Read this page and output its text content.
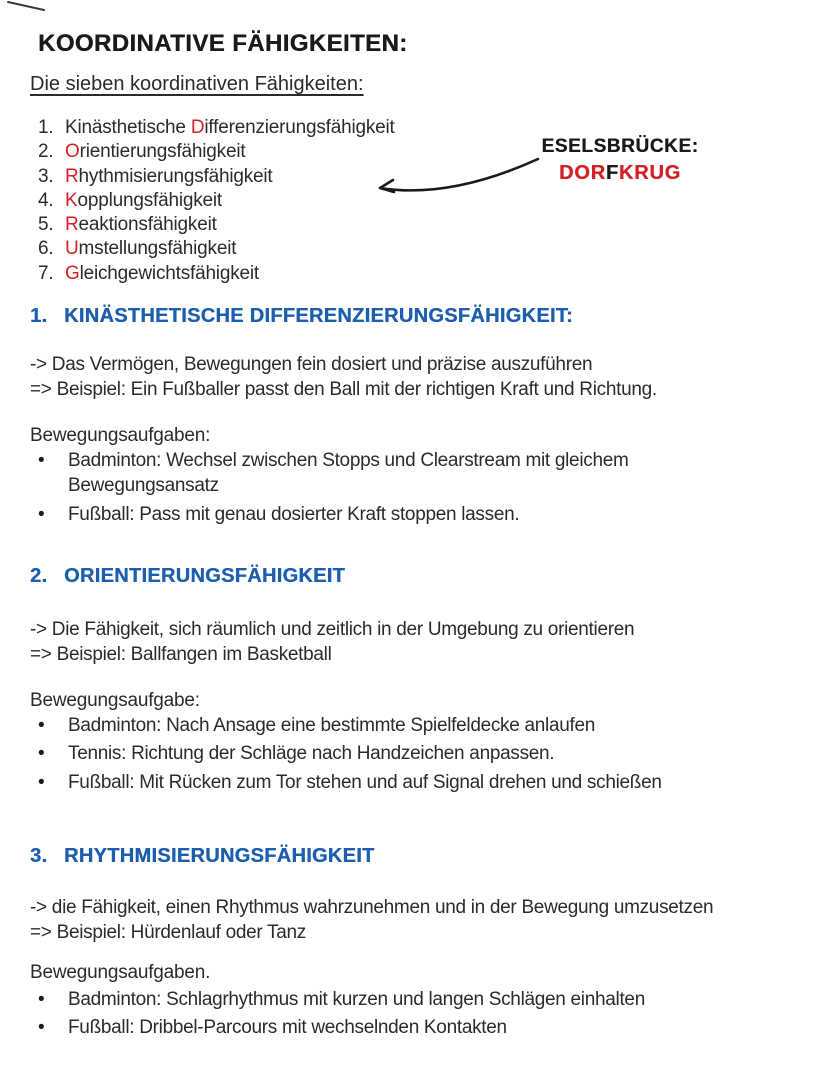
KOORDINATIVE FÄHIGKEITEN:
Die sieben koordinativen Fähigkeiten:
1. Kinästhetische Differenzierungsfähigkeit
2. Orientierungsfähigkeit
3. Rhythmisierungsfähigkeit
4. Kopplungsfähigkeit
5. Reaktionsfähigkeit
6. Umstellungsfähigkeit
7. Gleichgewichtsfähigkeit
ESELSBRÜCKE:
DORFKRUG
1. KINÄSTHETISCHE DIFFERENZIERUNGSFÄHIGKEIT:
-> Das Vermögen, Bewegungen fein dosiert und präzise auszuführen
=> Beispiel: Ein Fußballer passt den Ball mit der richtigen Kraft und Richtung.
Bewegungsaufgaben:
• Badminton: Wechsel zwischen Stopps und Clearstream mit gleichem Bewegungsansatz
• Fußball: Pass mit genau dosierter Kraft stoppen lassen.
2. ORIENTIERUNGSFÄHIGKEIT
-> Die Fähigkeit, sich räumlich und zeitlich in der Umgebung zu orientieren
=> Beispiel: Ballfangen im Basketball
Bewegungsaufgabe:
• Badminton: Nach Ansage eine bestimmte Spielfeldecke anlaufen
• Tennis: Richtung der Schläge nach Handzeichen anpassen.
• Fußball: Mit Rücken zum Tor stehen und auf Signal drehen und schießen
3. RHYTHMISIERUNGSFÄHIGKEIT
-> die Fähigkeit, einen Rhythmus wahrzunehmen und in der Bewegung umzusetzen
=> Beispiel: Hürdenlauf oder Tanz
Bewegungsaufgaben.
• Badminton: Schlagrhythmus mit kurzen und langen Schlägen einhalten
• Fußball: Dribbel-Parcours mit wechselnden Kontakten
